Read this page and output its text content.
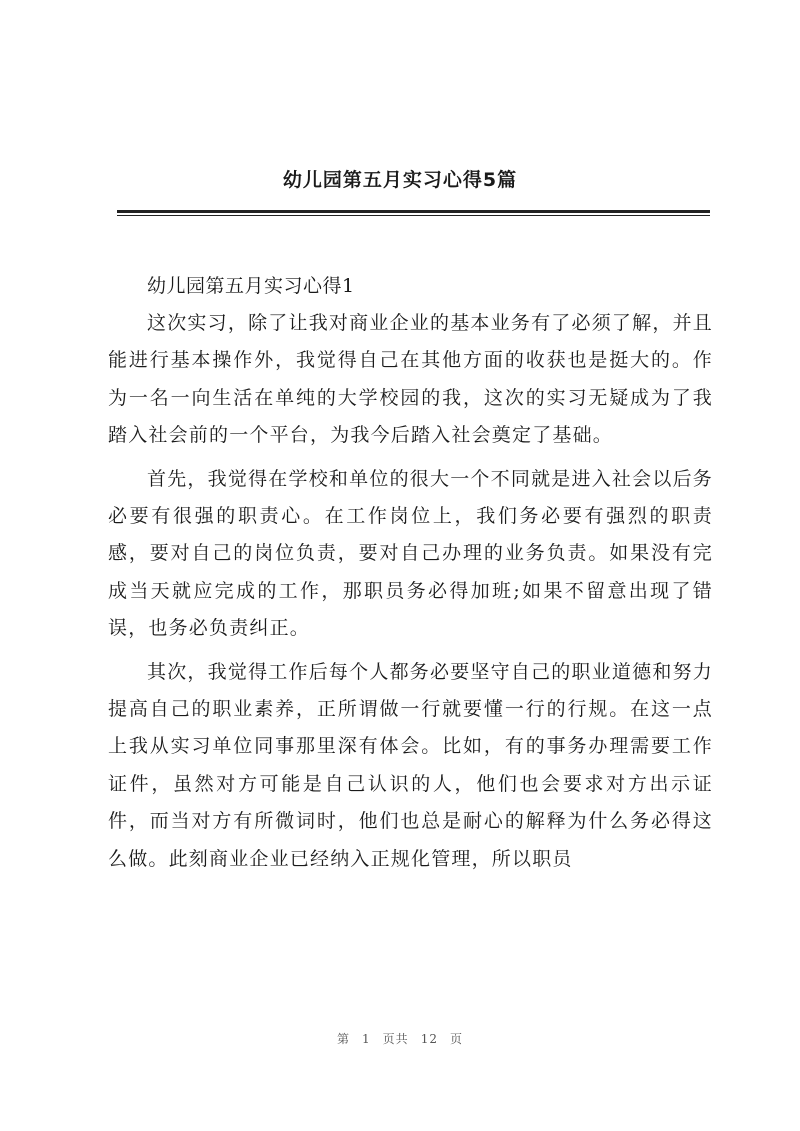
幼儿园第五月实习心得5篇

幼儿园第五月实习心得1

这次实习，除了让我对商业企业的基本业务有了必须了解，并且能进行基本操作外，我觉得自己在其他方面的收获也是挺大的。作为一名一向生活在单纯的大学校园的我，这次的实习无疑成为了我踏入社会前的一个平台，为我今后踏入社会奠定了基础。

首先，我觉得在学校和单位的很大一个不同就是进入社会以后务必要有很强的职责心。在工作岗位上，我们务必要有强烈的职责感，要对自己的岗位负责，要对自己办理的业务负责。如果没有完成当天就应完成的工作，那职员务必得加班;如果不留意出现了错误，也务必负责纠正。

其次，我觉得工作后每个人都务必要坚守自己的职业道德和努力提高自己的职业素养，正所谓做一行就要懂一行的行规。在这一点上我从实习单位同事那里深有体会。比如，有的事务办理需要工作证件，虽然对方可能是自己认识的人，他们也会要求对方出示证件，而当对方有所微词时，他们也总是耐心的解释为什么务必得这么做。此刻商业企业已经纳入正规化管理，所以职员

第 1 页共 12 页
